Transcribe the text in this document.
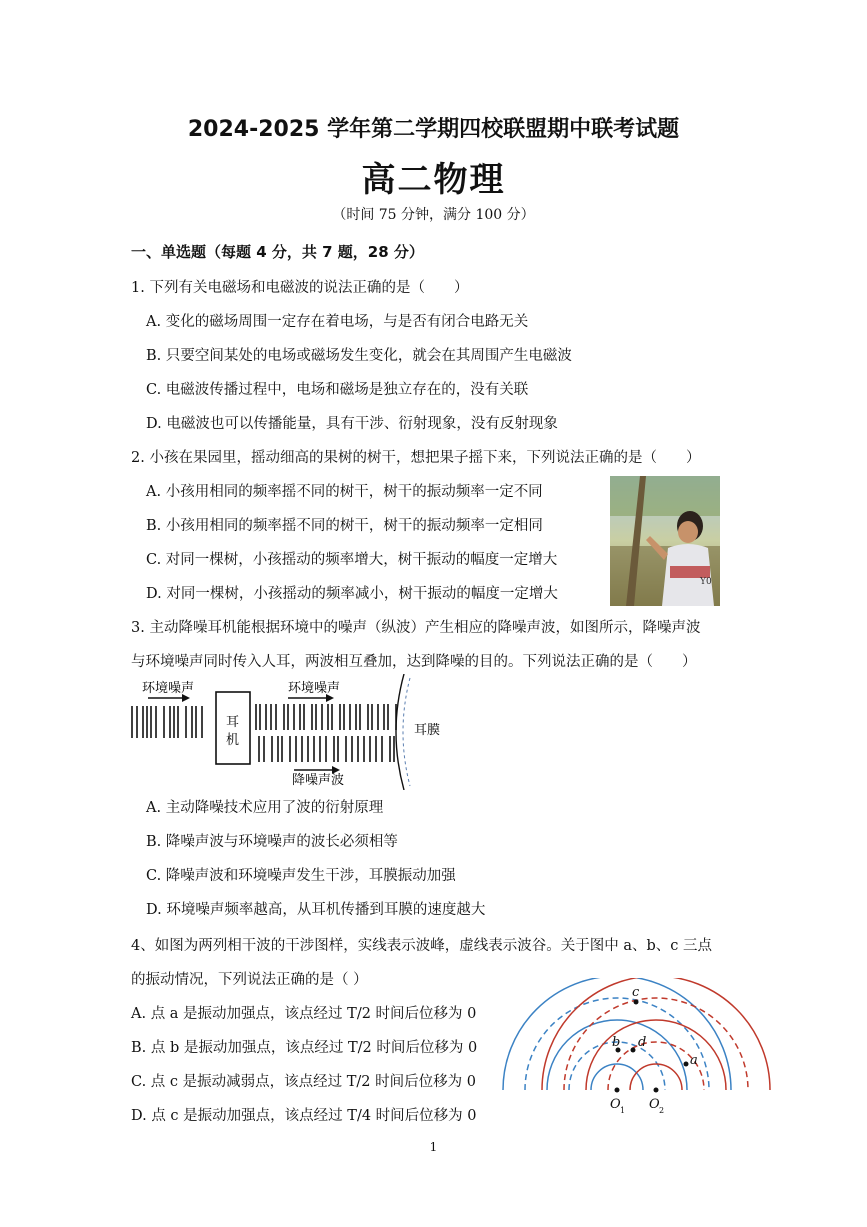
2024-2025 学年第二学期四校联盟期中联考试题
高二物理
（时间 75 分钟，满分 100 分）
一、单选题（每题 4 分，共 7 题，28 分）
1. 下列有关电磁场和电磁波的说法正确的是（　　）
A. 变化的磁场周围一定存在着电场，与是否有闭合电路无关
B. 只要空间某处的电场或磁场发生变化，就会在其周围产生电磁波
C. 电磁波传播过程中，电场和磁场是独立存在的，没有关联
D. 电磁波也可以传播能量，具有干涉、衍射现象，没有反射现象
2. 小孩在果园里，摇动细高的果树的树干，想把果子摇下来，下列说法正确的是（　　）
A. 小孩用相同的频率摇不同的树干，树干的振动频率一定不同
B. 小孩用相同的频率摇不同的树干，树干的振动频率一定相同
C. 对同一棵树，小孩摇动的频率增大，树干振动的幅度一定增大
D. 对同一棵树，小孩摇动的频率减小，树干振动的幅度一定增大
Y0
3. 主动降噪耳机能根据环境中的噪声（纵波）产生相应的降噪声波，如图所示，降噪声波
与环境噪声同时传入人耳，两波相互叠加，达到降噪的目的。下列说法正确的是（　　）
环境噪声	环境噪声
耳
机
降噪声波
耳膜
A. 主动降噪技术应用了波的衍射原理
B. 降噪声波与环境噪声的波长必须相等
C. 降噪声波和环境噪声发生干涉，耳膜振动加强
D. 环境噪声频率越高，从耳机传播到耳膜的速度越大
4、如图为两列相干波的干涉图样，实线表示波峰，虚线表示波谷。关于图中 a、b、c 三点
的振动情况，下列说法正确的是（ ）
A. 点 a 是振动加强点，该点经过 T/2 时间后位移为 0
B. 点 b 是振动加强点，该点经过 T/2 时间后位移为 0
C. 点 c 是振动减弱点，该点经过 T/2 时间后位移为 0
D. 点 c 是振动加强点，该点经过 T/4 时间后位移为 0
c
b d
a
O 1 O 2
1
